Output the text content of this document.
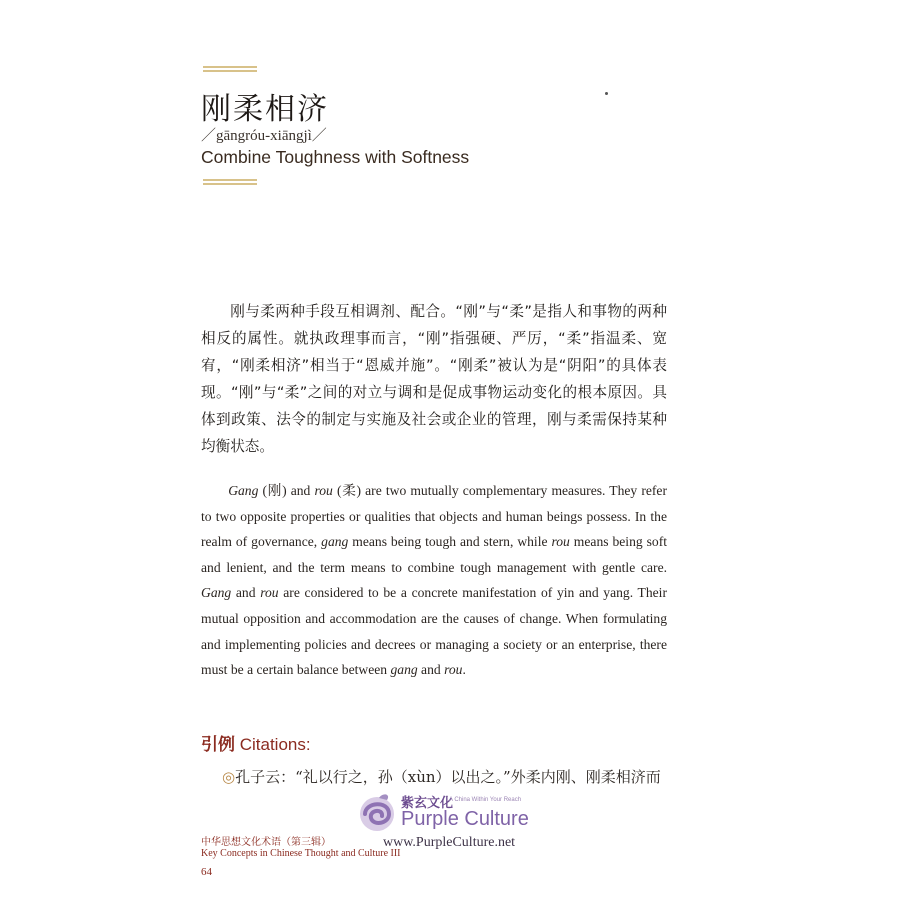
刚柔相济
／gāngróu-xiāngjì／
Combine Toughness with Softness

刚与柔两种手段互相调剂、配合。“刚”与“柔”是指人和事物的两种相反的属性。就执政理事而言，“刚”指强硬、严厉，“柔”指温柔、宽宥，“刚柔相济”相当于“恩威并施”。“刚柔”被认为是“阴阳”的具体表现。“刚”与“柔”之间的对立与调和是促成事物运动变化的根本原因。具体到政策、法令的制定与实施及社会或企业的管理，刚与柔需保持某种均衡状态。

Gang (刚) and rou (柔) are two mutually complementary measures. They refer to two opposite properties or qualities that objects and human beings possess. In the realm of governance, gang means being tough and stern, while rou means being soft and lenient, and the term means to combine tough management with gentle care. Gang and rou are considered to be a concrete manifestation of yin and yang. Their mutual opposition and accommodation are the causes of change. When formulating and implementing policies and decrees or managing a society or an enterprise, there must be a certain balance between gang and rou.

引例 Citations:
◎孔子云：“礼以行之，孙（xùn）以出之。”外柔内刚、刚柔相济而
紫玄文化
A China Within Your Reach
Purple Culture
www.PurpleCulture.net
中华思想文化术语（第三辑）
Key Concepts in Chinese Thought and Culture III
64
